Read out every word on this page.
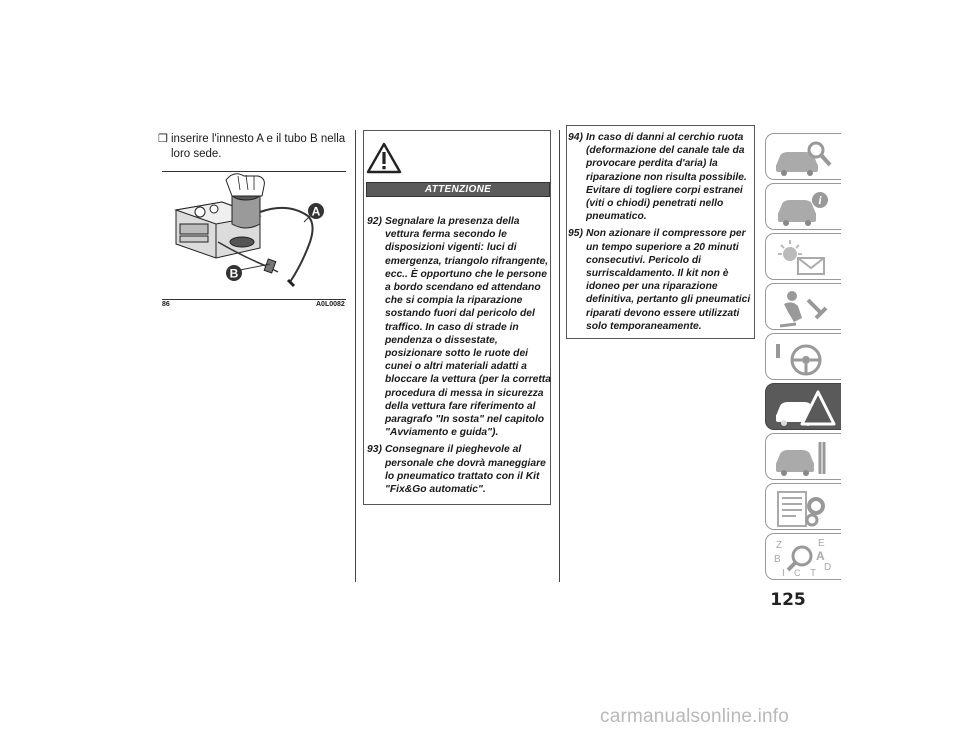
❒ inserire l'innesto A e il tubo B nella loro sede.
A
B
86	A0L0082
ATTENZIONE
92) Segnalare la presenza della vettura ferma secondo le disposizioni vigenti: luci di emergenza, triangolo rifrangente, ecc.. È opportuno che le persone a bordo scendano ed attendano che si compia la riparazione sostando fuori dal pericolo del traffico. In caso di strade in pendenza o dissestate, posizionare sotto le ruote dei cunei o altri materiali adatti a bloccare la vettura (per la corretta procedura di messa in sicurezza della vettura fare riferimento al paragrafo "In sosta" nel capitolo "Avviamento e guida").
93) Consegnare il pieghevole al personale che dovrà maneggiare lo pneumatico trattato con il Kit "Fix&Go automatic".
94) In caso di danni al cerchio ruota (deformazione del canale tale da provocare perdita d'aria) la riparazione non risulta possibile. Evitare di togliere corpi estranei (viti o chiodi) penetrati nello pneumatico.
95) Non azionare il compressore per un tempo superiore a 20 minuti consecutivi. Pericolo di surriscaldamento. Il kit non è idoneo per una riparazione definitiva, pertanto gli pneumatici riparati devono essere utilizzati solo temporaneamente.
i
Z	E
B	A
D
I C T
125
carmanualsonline.info
